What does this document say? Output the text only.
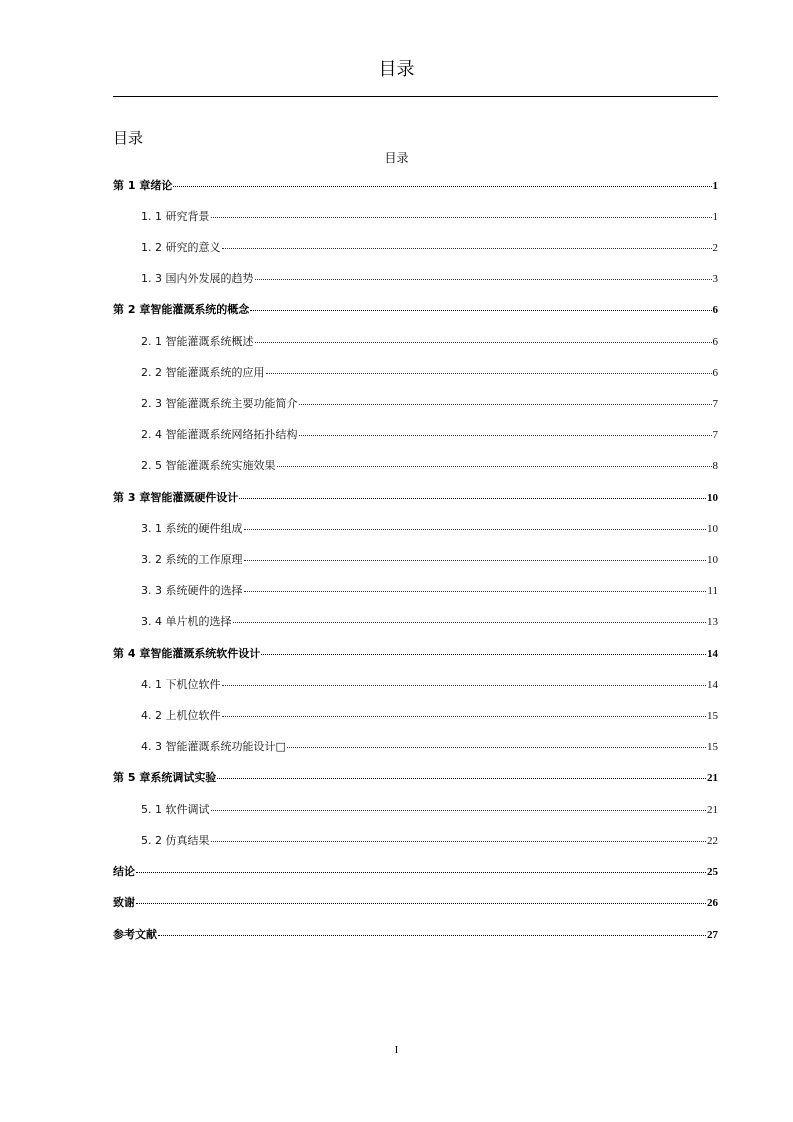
目录
目录
目录
第 1 章绪论	1
1. 1 研究背景	1
1. 2 研究的意义	2
1. 3 国内外发展的趋势	3
第 2 章智能灌溉系统的概念	6
2. 1 智能灌溉系统概述	6
2. 2 智能灌溉系统的应用	6
2. 3 智能灌溉系统主要功能简介	7
2. 4 智能灌溉系统网络拓扑结构	7
2. 5 智能灌溉系统实施效果	8
第 3 章智能灌溉硬件设计	10
3. 1 系统的硬件组成	10
3. 2 系统的工作原理	10
3. 3 系统硬件的选择	11
3. 4 单片机的选择	13
第 4 章智能灌溉系统软件设计	14
4. 1 下机位软件	14
4. 2 上机位软件	15
4. 3 智能灌溉系统功能设计□	15
第 5 章系统调试实验	21
5. 1 软件调试	21
5. 2 仿真结果	22
结论	25
致谢	26
参考文献	27
I
